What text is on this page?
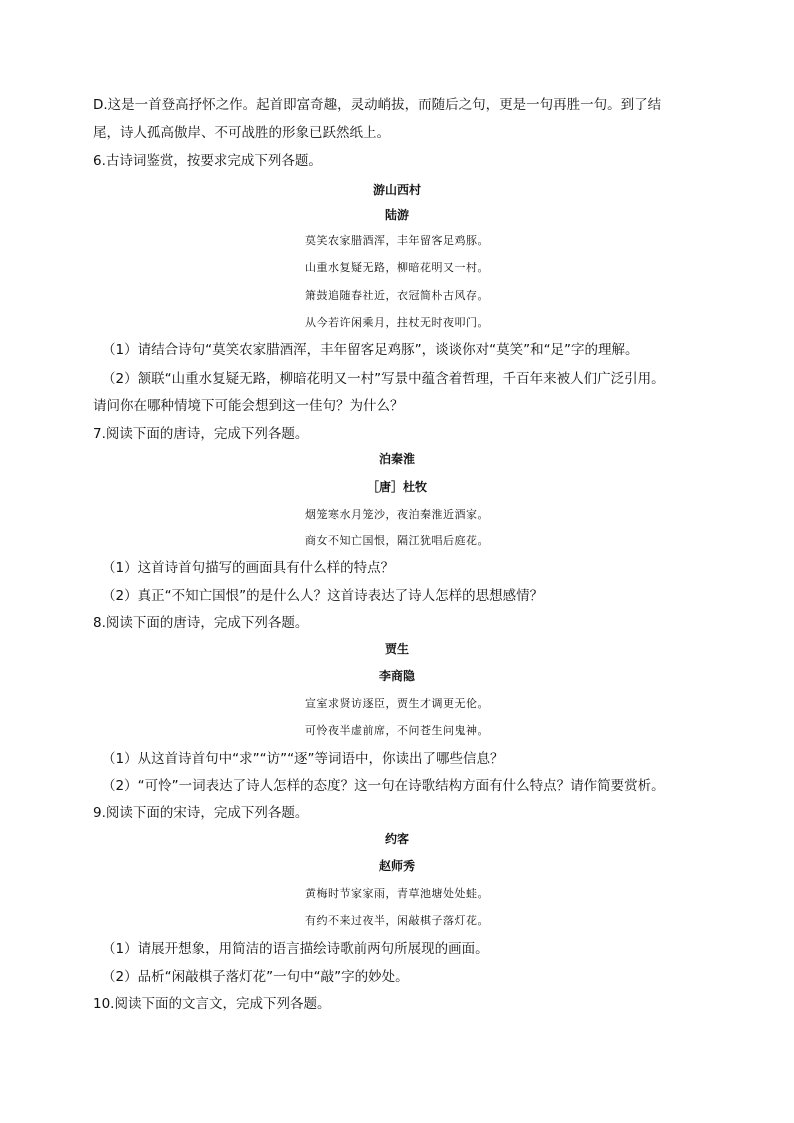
D.这是一首登高抒怀之作。起首即富奇趣，灵动峭拔，而随后之句，更是一句再胜一句。到了结
尾，诗人孤高傲岸、不可战胜的形象已跃然纸上。
6.古诗词鉴赏，按要求完成下列各题。
游山西村
陆游
莫笑农家腊酒浑，丰年留客足鸡豚。
山重水复疑无路，柳暗花明又一村。
箫鼓追随春社近，衣冠简朴古风存。
从今若许闲乘月，拄杖无时夜叩门。
（1）请结合诗句“莫笑农家腊酒浑，丰年留客足鸡豚”，谈谈你对“莫笑”和“足”字的理解。
（2）颔联“山重水复疑无路，柳暗花明又一村”写景中蕴含着哲理，千百年来被人们广泛引用。
请问你在哪种情境下可能会想到这一佳句？为什么？
7.阅读下面的唐诗，完成下列各题。
泊秦淮
［唐］杜牧
烟笼寒水月笼沙，夜泊秦淮近酒家。
商女不知亡国恨，隔江犹唱后庭花。
（1）这首诗首句描写的画面具有什么样的特点？
（2）真正“不知亡国恨”的是什么人？这首诗表达了诗人怎样的思想感情？
8.阅读下面的唐诗，完成下列各题。
贾生
李商隐
宣室求贤访逐臣，贾生才调更无伦。
可怜夜半虚前席，不问苍生问鬼神。
（1）从这首诗首句中“求”“访”“逐”等词语中，你读出了哪些信息？
（2）“可怜”一词表达了诗人怎样的态度？这一句在诗歌结构方面有什么特点？请作简要赏析。
9.阅读下面的宋诗，完成下列各题。
约客
赵师秀
黄梅时节家家雨，青草池塘处处蛙。
有约不来过夜半，闲敲棋子落灯花。
（1）请展开想象，用简洁的语言描绘诗歌前两句所展现的画面。
（2）品析“闲敲棋子落灯花”一句中“敲”字的妙处。
10.阅读下面的文言文，完成下列各题。
